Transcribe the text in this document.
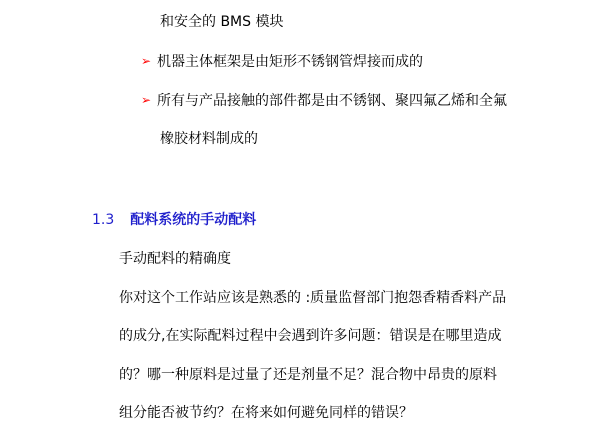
和安全的 BMS 模块
➢ 机器主体框架是由矩形不锈钢管焊接而成的
➢ 所有与产品接触的部件都是由不锈钢、聚四氟乙烯和全氟
橡胶材料制成的
1.3 配料系统的手动配料
手动配料的精确度
你对这个工作站应该是熟悉的 :质量监督部门抱怨香精香料产品
的成分,在实际配料过程中会遇到许多问题：错误是在哪里造成
的？哪一种原料是过量了还是剂量不足？混合物中昂贵的原料
组分能否被节约？在将来如何避免同样的错误？
